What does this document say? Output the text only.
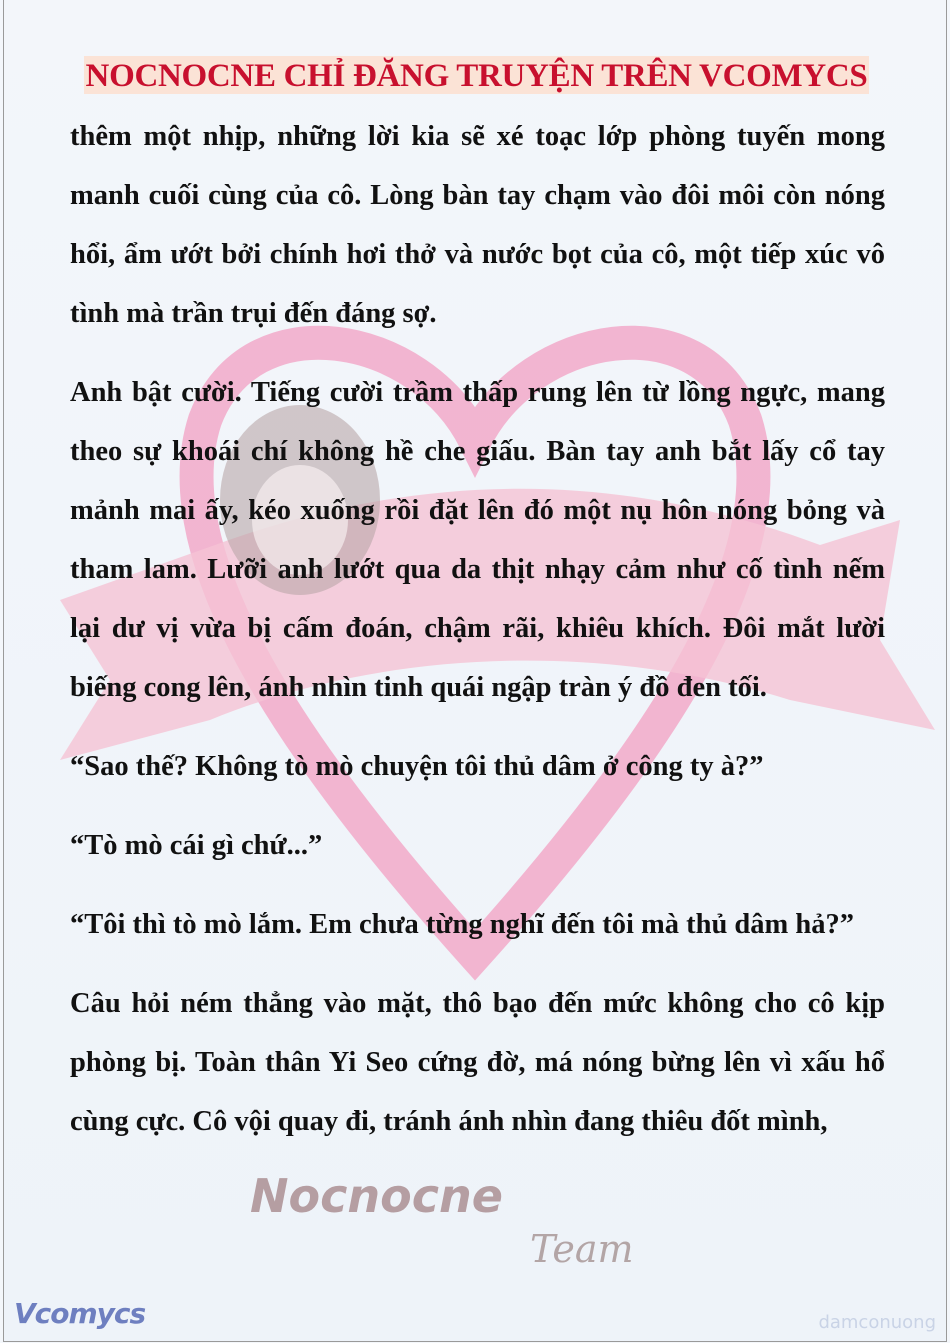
NOCNOCNE CHỈ ĐĂNG TRUYỆN TRÊN VCOMYCS
thêm một nhịp, những lời kia sẽ xé toạc lớp phòng tuyến mong
manh cuối cùng của cô. Lòng bàn tay chạm vào đôi môi còn nóng
hổi, ẩm ướt bởi chính hơi thở và nước bọt của cô, một tiếp xúc vô
tình mà trần trụi đến đáng sợ.
Anh bật cười. Tiếng cười trầm thấp rung lên từ lồng ngực, mang
theo sự khoái chí không hề che giấu. Bàn tay anh bắt lấy cổ tay
mảnh mai ấy, kéo xuống rồi đặt lên đó một nụ hôn nóng bỏng và
tham lam. Lưỡi anh lướt qua da thịt nhạy cảm như cố tình nếm
lại dư vị vừa bị cấm đoán, chậm rãi, khiêu khích. Đôi mắt lười
biếng cong lên, ánh nhìn tinh quái ngập tràn ý đồ đen tối.
“Sao thế? Không tò mò chuyện tôi thủ dâm ở công ty à?”
“Tò mò cái gì chứ...”
“Tôi thì tò mò lắm. Em chưa từng nghĩ đến tôi mà thủ dâm hả?”
Câu hỏi ném thẳng vào mặt, thô bạo đến mức không cho cô kịp
phòng bị. Toàn thân Yi Seo cứng đờ, má nóng bừng lên vì xấu hổ
cùng cực. Cô vội quay đi, tránh ánh nhìn đang thiêu đốt mình,
Nocnocne
Team
Vcomycs	damconuong
